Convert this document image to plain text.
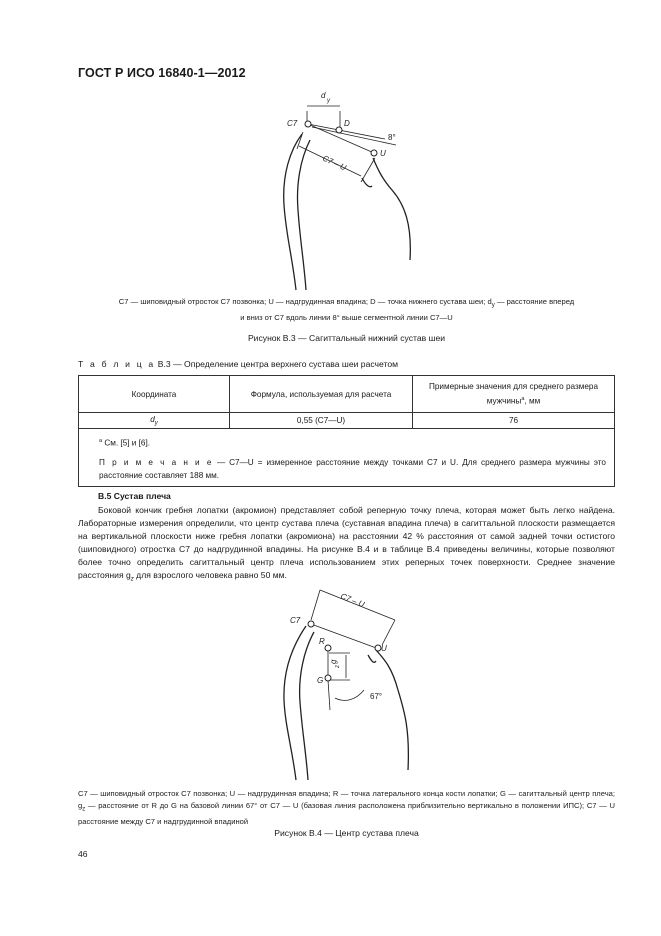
ГОСТ Р ИСО 16840-1—2012
d
y
C7	D
U
8°
C7 – U
C7 — шиповидный отросток C7 позвонка; U — надгрудинная впадина; D — точка нижнего сустава шеи; $d_y$ — расстояние вперед
и вниз от C7 вдоль линии 8° выше сегментной линии C7—U
Рисунок B.3 — Сагиттальный нижний сустав шеи
Т а б л и ц а B.3 — Определение центра верхнего сустава шеи расчетом
Координата	Формула, используемая для расчета	Примерные значения для среднего размера мужчины$^а$, мм
$d_y$	0,55 (C7—U)	76
$^а$ См. [5] и [6].		
П р и м е ч а н и е — C7—U = измеренное расстояние между точками C7 и U. Для среднего размера мужчины это расстояние составляет 188 мм.		
B.5 Сустав плеча
Боковой кончик гребня лопатки (акромион) представляет собой реперную точку плеча, которая может быть легко найдена. Лабораторные измерения определили, что центр сустава плеча (суставная впадина плеча) в сагиттальной плоскости размещается на вертикальной плоскости ниже гребня лопатки (акромиона) на расстоянии 42 % расстояния от самой задней точки остистого (шиповидного) отростка C7 до надгрудинной впадины. На рисунке B.4 и в таблице B.4 приведены величины, которые позволяют более точно определить сагиттальный центр плеча использованием этих реперных точек поверхности. Среднее значение расстояния $g_z$ для взрослого человека равно 50 мм.
C7 – U
C7
R
U
g
z
G
67°
C7 — шиповидный отросток C7 позвонка; U — надгрудинная впадина; R — точка латерального конца кости лопатки; G — сагиттальный центр плеча; $g_z$ — расстояние от R до G на базовой линии 67° от C7 — U (базовая линия расположена приблизительно вертикально в положении ИПС); C7 — U расстояние между C7 и надгрудинной впадиной
Рисунок B.4 — Центр сустава плеча
46
